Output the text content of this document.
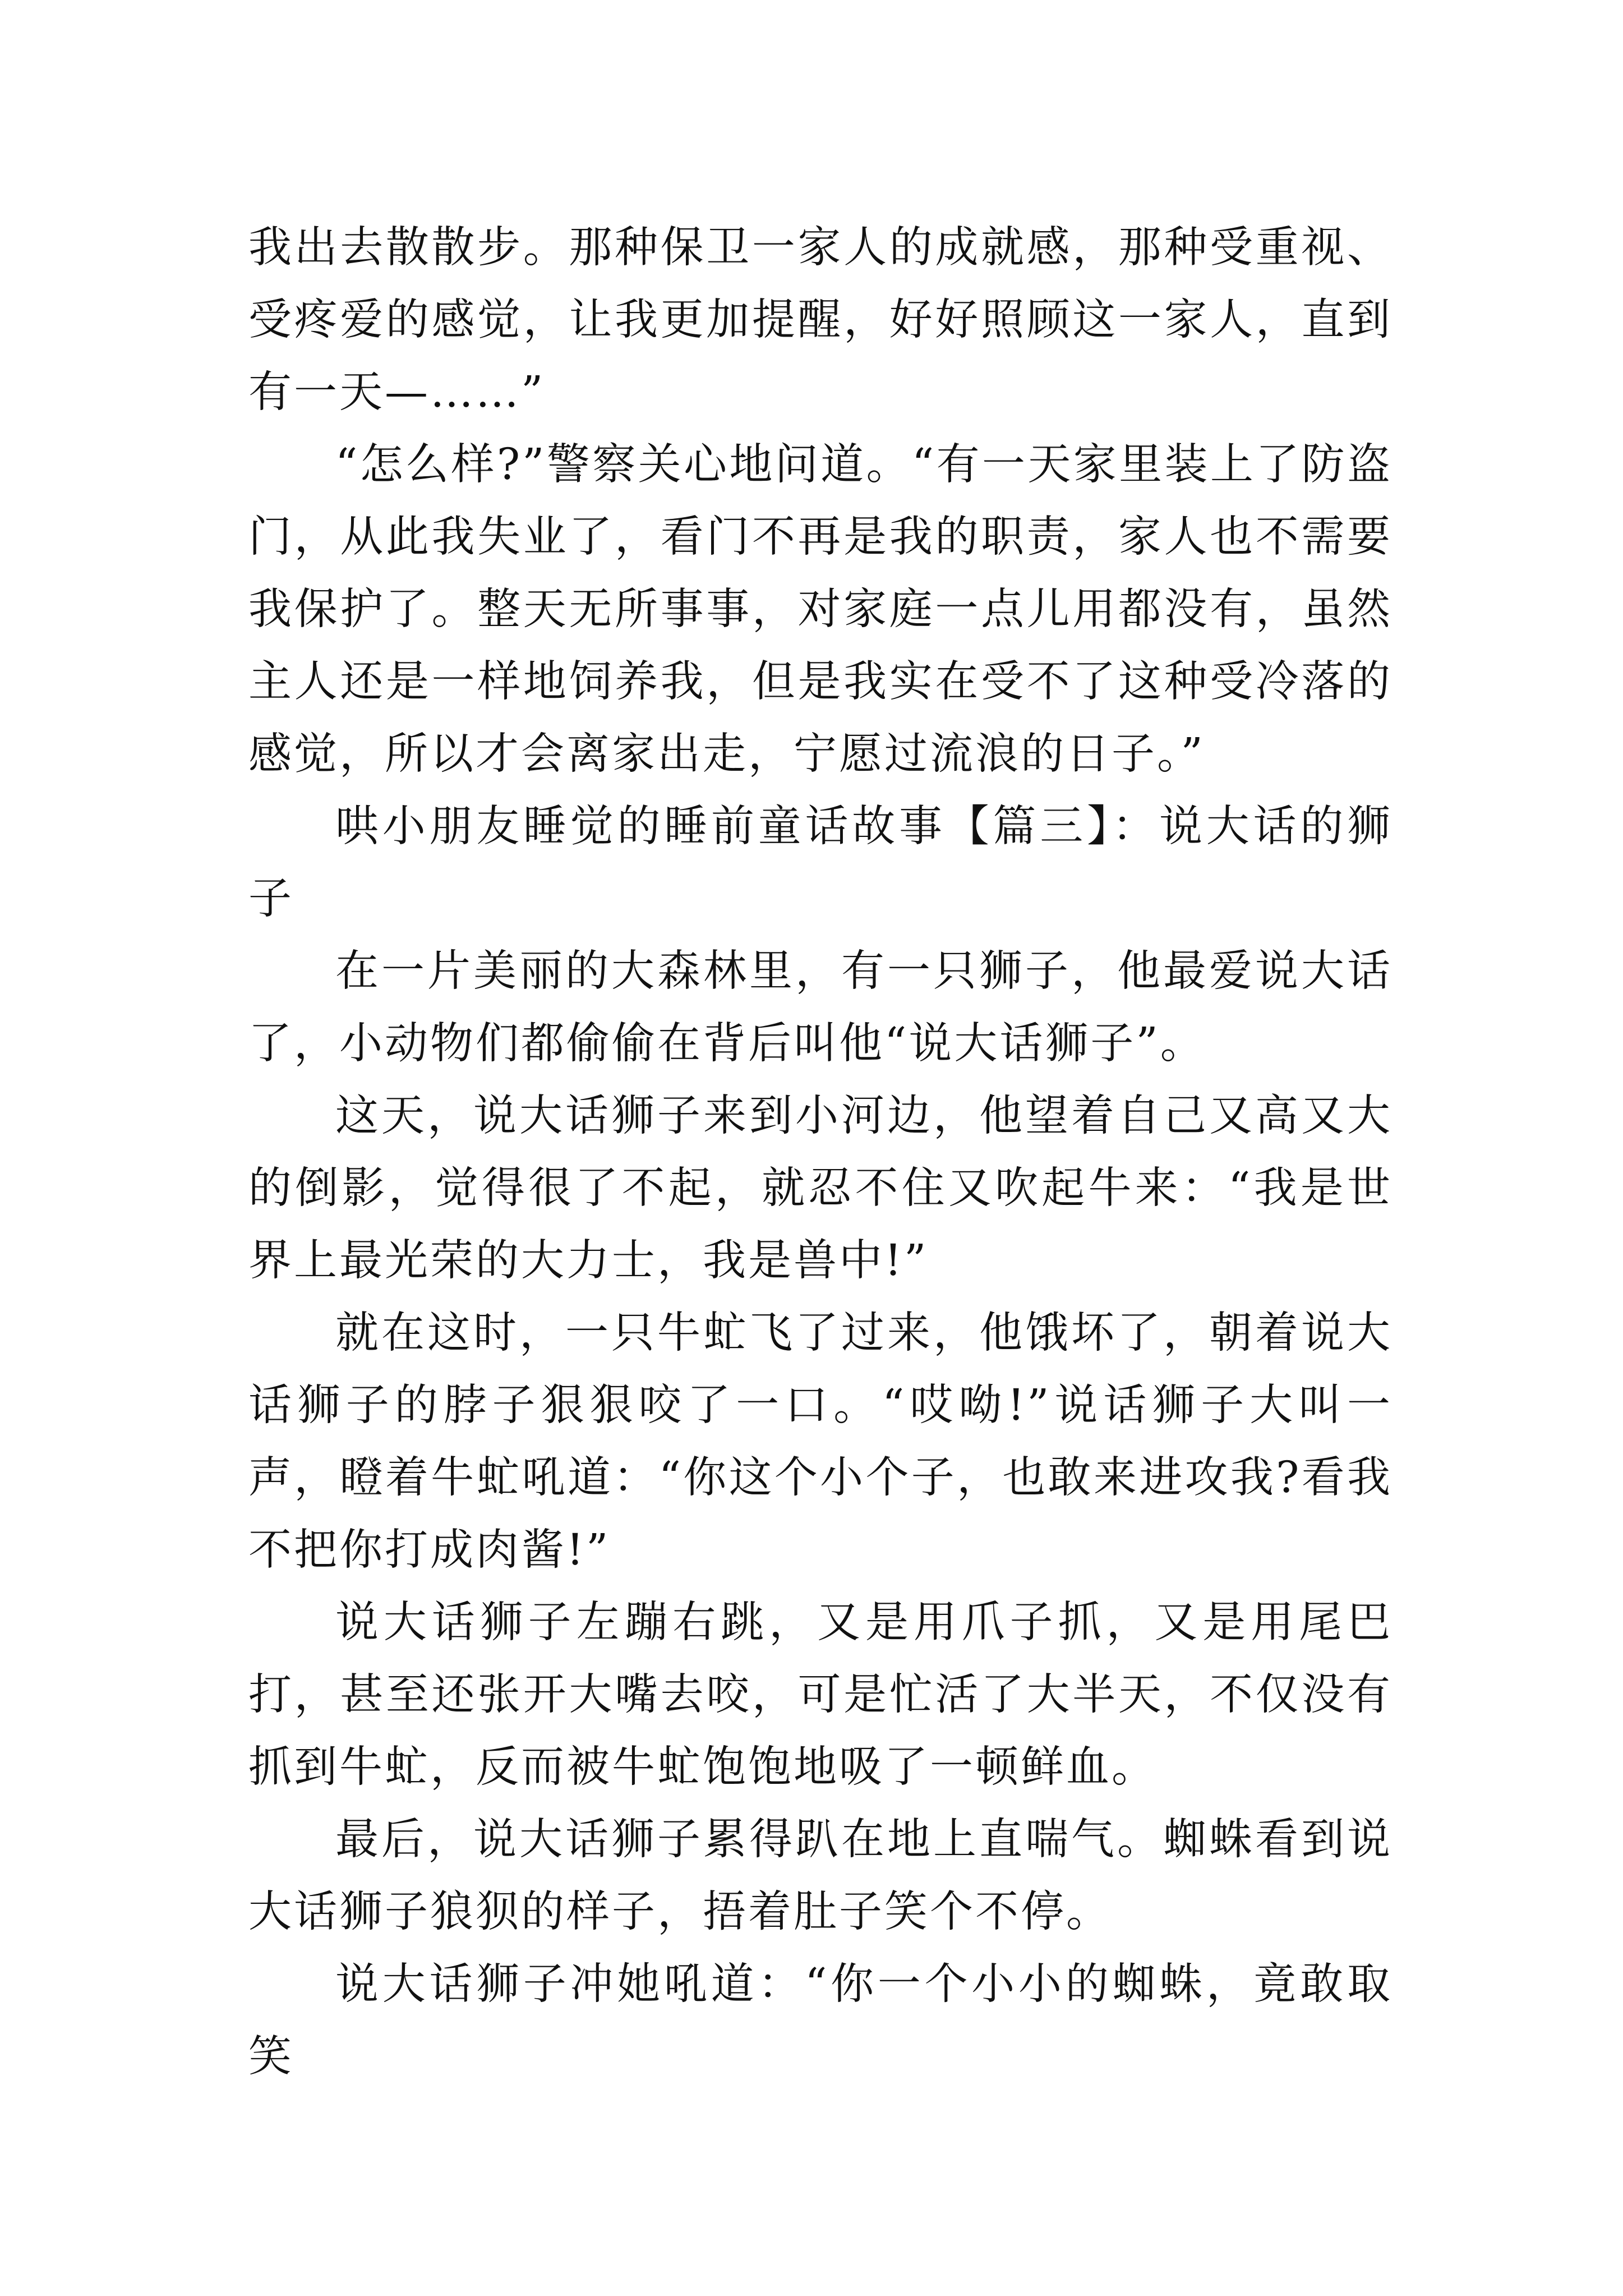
我出去散散步。那种保卫一家人的成就感，那种受重视、受疼爱的感觉，让我更加提醒，好好照顾这一家人，直到有一天—……”

“怎么样?”警察关心地问道。“有一天家里装上了防盗门，从此我失业了，看门不再是我的职责，家人也不需要我保护了。整天无所事事，对家庭一点儿用都没有，虽然主人还是一样地饲养我，但是我实在受不了这种受冷落的感觉，所以才会离家出走，宁愿过流浪的日子。”

哄小朋友睡觉的睡前童话故事【篇三】：说大话的狮子

在一片美丽的大森林里，有一只狮子，他最爱说大话了，小动物们都偷偷在背后叫他“说大话狮子”。

这天，说大话狮子来到小河边，他望着自己又高又大的倒影，觉得很了不起，就忍不住又吹起牛来：“我是世界上最光荣的大力士，我是兽中!”

就在这时，一只牛虻飞了过来，他饿坏了，朝着说大话狮子的脖子狠狠咬了一口。“哎呦!”说话狮子大叫一声，瞪着牛虻吼道：“你这个小个子，也敢来进攻我?看我不把你打成肉酱!”

说大话狮子左蹦右跳，又是用爪子抓，又是用尾巴打，甚至还张开大嘴去咬，可是忙活了大半天，不仅没有抓到牛虻，反而被牛虻饱饱地吸了一顿鲜血。

最后，说大话狮子累得趴在地上直喘气。蜘蛛看到说大话狮子狼狈的样子，捂着肚子笑个不停。

说大话狮子冲她吼道：“你一个小小的蜘蛛，竟敢取笑
